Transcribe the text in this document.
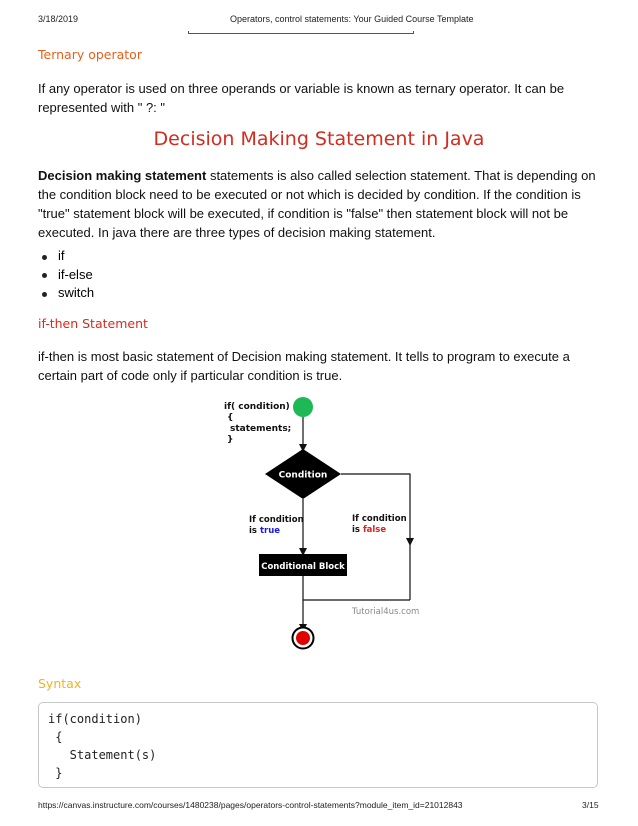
3/18/2019	Operators, control statements: Your Guided Course Template
Ternary operator
If any operator is used on three operands or variable is known as ternary operator. It can be represented with " ?: "
Decision Making Statement in Java
Decision making statement statements is also called selection statement. That is depending on the condition block need to be executed or not which is decided by condition. If the condition is "true" statement block will be executed, if condition is "false" then statement block will not be executed. In java there are three types of decision making statement.
if
if-else
switch
if-then Statement
if-then is most basic statement of Decision making statement. It tells to program to execute a certain part of code only if particular condition is true.
if( condition)
{
statements;
}
Condition
If condition
is true
If condition
is false
Conditional Block
Tutorial4us.com
Syntax
if(condition)
{
Statement(s)
}
https://canvas.instructure.com/courses/1480238/pages/operators-control-statements?module_item_id=21012843	3/15
